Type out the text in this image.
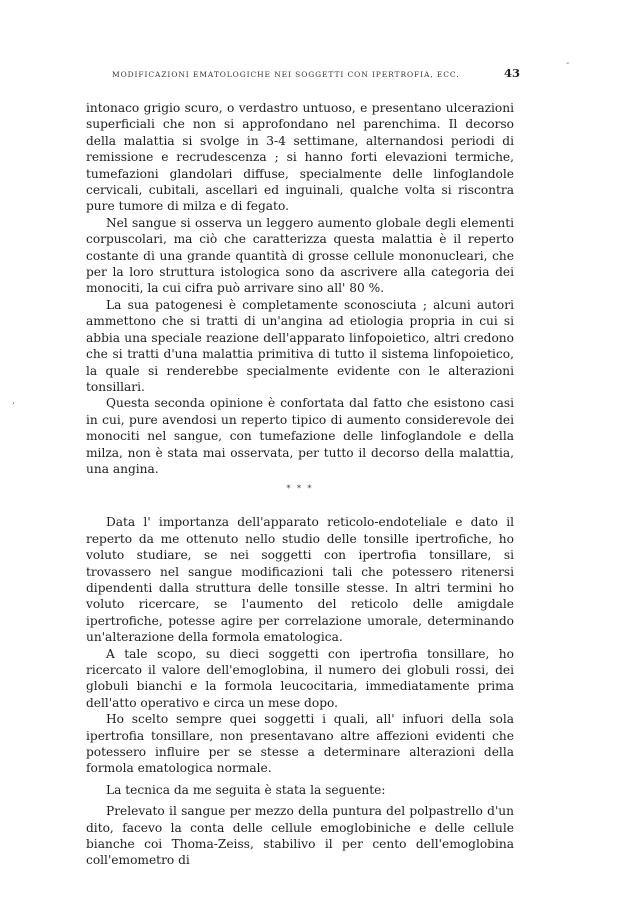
-
,
MODIFICAZIONI EMATOLOGICHE NEI SOGGETTI CON IPERTROFIA, ECC.	43

intonaco grigio scuro, o verdastro untuoso, e presentano ulcerazioni superficiali che non si approfondano nel parenchima. Il decorso della malattia si svolge in 3-4 settimane, alternandosi periodi di remissione e recrudescenza ; si hanno forti elevazioni termiche, tumefazioni glandolari diffuse, specialmente delle linfoglandole cervicali, cubitali, ascellari ed inguinali, qualche volta si riscontra pure tumore di milza e di fegato.

Nel sangue si osserva un leggero aumento globale degli elementi corpuscolari, ma ciò che caratterizza questa malattia è il reperto costante di una grande quantità di grosse cellule mononucleari, che per la loro struttura istologica sono da ascrivere alla categoria dei monociti, la cui cifra può arrivare sino all' 80 %.

La sua patogenesi è completamente sconosciuta ; alcuni autori ammettono che si tratti di un'angina ad etiologia propria in cui si abbia una speciale reazione dell'apparato linfopoietico, altri credono che si tratti d'una malattia primitiva di tutto il sistema linfopoietico, la quale si renderebbe specialmente evidente con le alterazioni tonsillari.

Questa seconda opinione è confortata dal fatto che esistono casi in cui, pure avendosi un reperto tipico di aumento considerevole dei monociti nel sangue, con tumefazione delle linfoglandole e della milza, non è stata mai osservata, per tutto il decorso della malattia, una angina.

* * *

Data l' importanza dell'apparato reticolo-endoteliale e dato il reperto da me ottenuto nello studio delle tonsille ipertrofiche, ho voluto studiare, se nei soggetti con ipertrofia tonsillare, si trovassero nel sangue modificazioni tali che potessero ritenersi dipendenti dalla struttura delle tonsille stesse. In altri termini ho voluto ricercare, se l'aumento del reticolo delle amigdale ipertrofiche, potesse agire per correlazione umorale, determinando un'alterazione della formola ematologica.

A tale scopo, su dieci soggetti con ipertrofia tonsillare, ho ricercato il valore dell'emoglobina, il numero dei globuli rossi, dei globuli bianchi e la formola leucocitaria, immediatamente prima dell'atto operativo e circa un mese dopo.

Ho scelto sempre quei soggetti i quali, all' infuori della sola ipertrofia tonsillare, non presentavano altre affezioni evidenti che potessero influire per se stesse a determinare alterazioni della formola ematologica normale.

La tecnica da me seguita è stata la seguente:

Prelevato il sangue per mezzo della puntura del polpastrello d'un dito, facevo la conta delle cellule emoglobiniche e delle cellule bianche coi Thoma-Zeiss, stabilivo il per cento dell'emoglobina coll'emometro di
